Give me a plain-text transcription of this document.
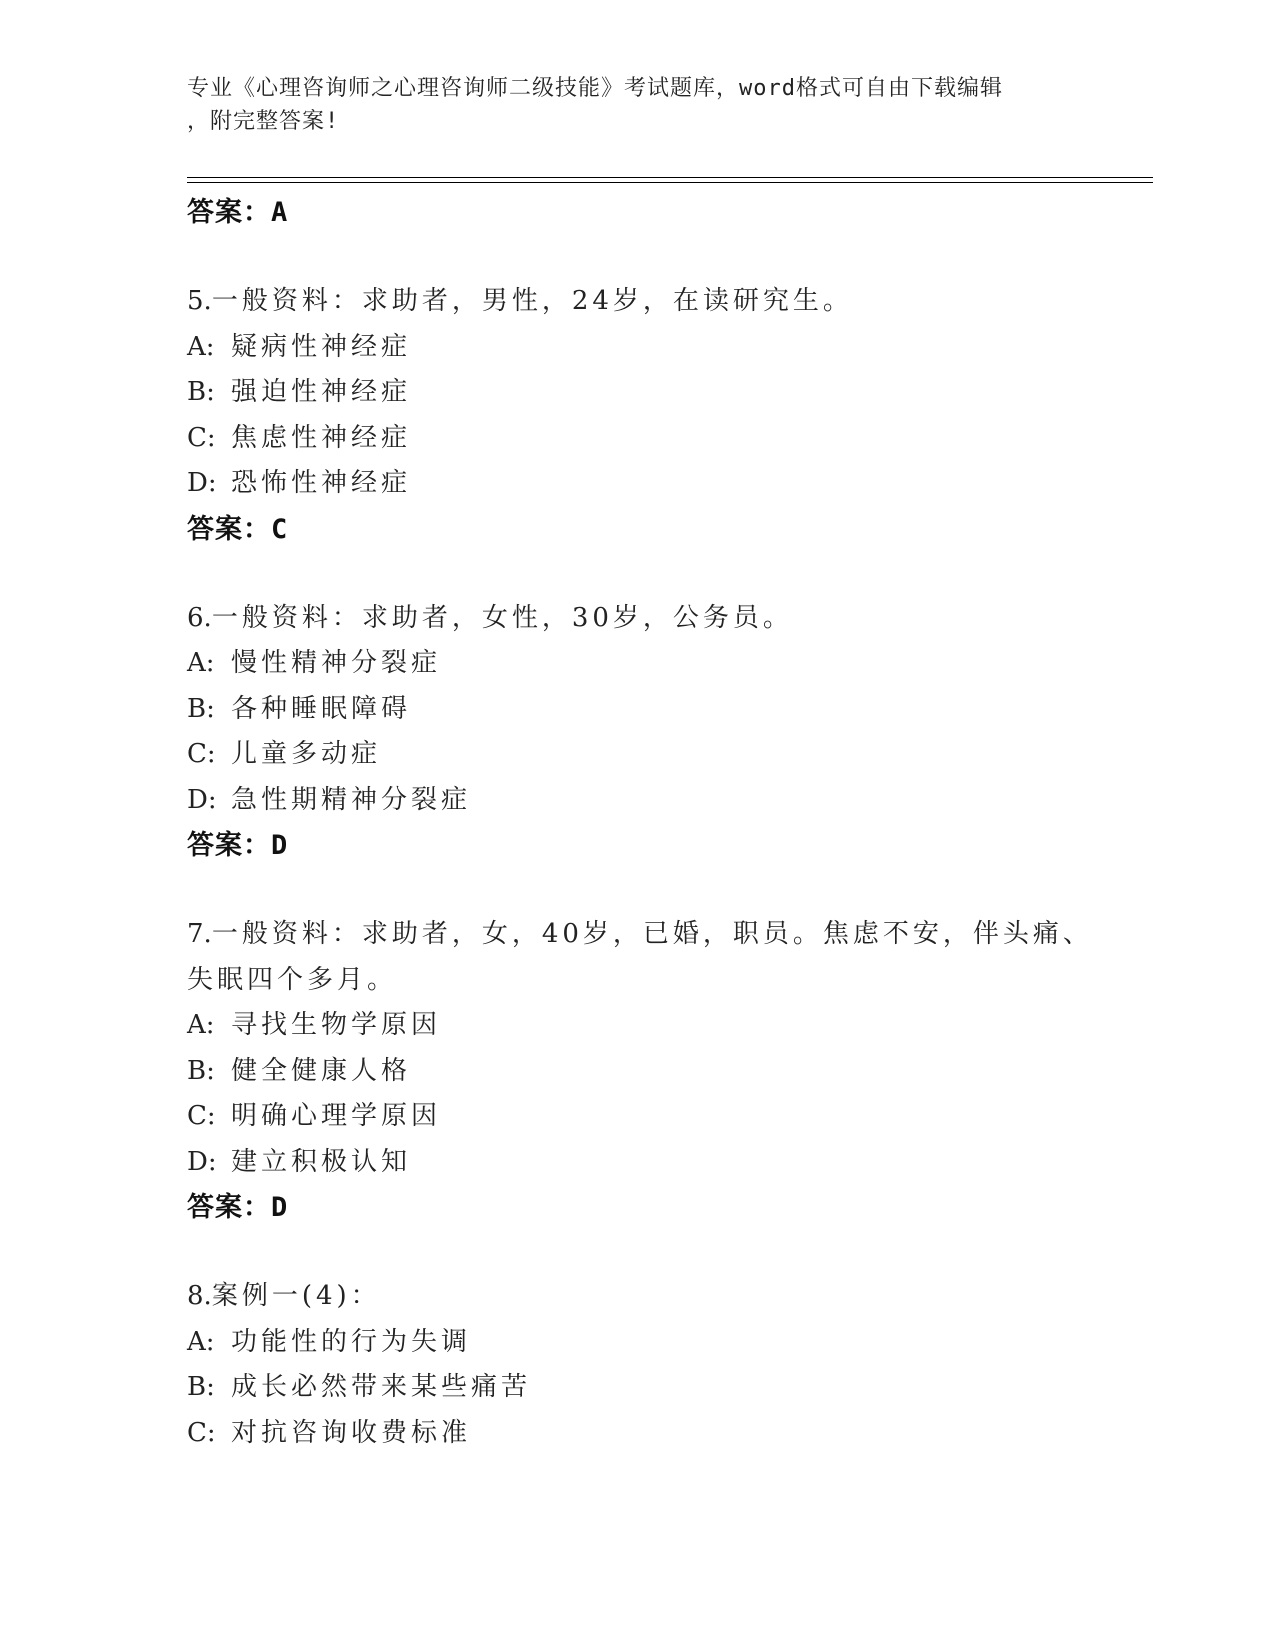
专业《心理咨询师之心理咨询师二级技能》考试题库，word格式可自由下载编辑
，附完整答案!
答案：A
5.一般资料：求助者，男性，24岁，在读研究生。
A: 疑病性神经症
B: 强迫性神经症
C: 焦虑性神经症
D: 恐怖性神经症
答案：C
6.一般资料：求助者，女性，30岁，公务员。
A: 慢性精神分裂症
B: 各种睡眠障碍
C: 儿童多动症
D: 急性期精神分裂症
答案：D
7.一般资料：求助者，女，40岁，已婚，职员。焦虑不安，伴头痛、
失眠四个多月。
A: 寻找生物学原因
B: 健全健康人格
C: 明确心理学原因
D: 建立积极认知
答案：D
8.案例一(4)：
A: 功能性的行为失调
B: 成长必然带来某些痛苦
C: 对抗咨询收费标准
